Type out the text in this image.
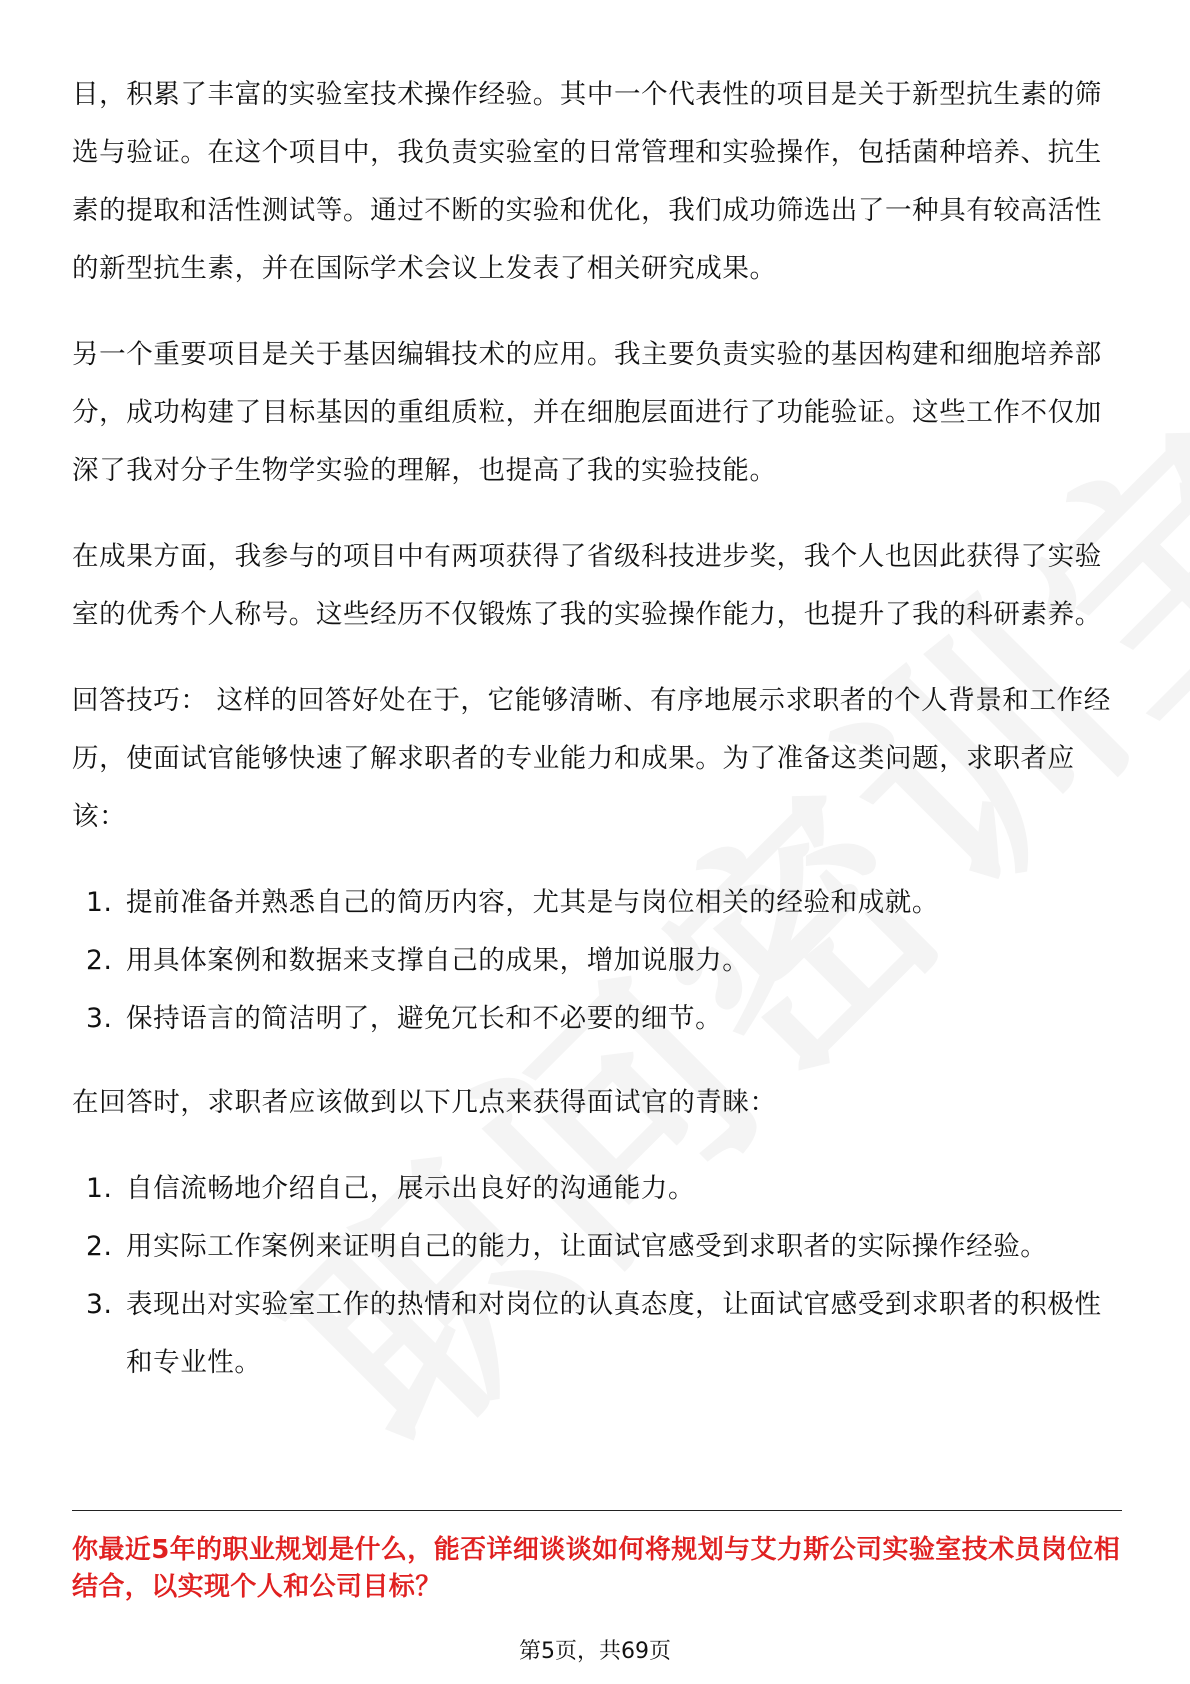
目，积累了丰富的实验室技术操作经验。其中一个代表性的项目是关于新型抗生素的筛选与验证。在这个项目中，我负责实验室的日常管理和实验操作，包括菌种培养、抗生素的提取和活性测试等。通过不断的实验和优化，我们成功筛选出了一种具有较高活性的新型抗生素，并在国际学术会议上发表了相关研究成果。

另一个重要项目是关于基因编辑技术的应用。我主要负责实验的基因构建和细胞培养部分，成功构建了目标基因的重组质粒，并在细胞层面进行了功能验证。这些工作不仅加深了我对分子生物学实验的理解，也提高了我的实验技能。

在成果方面，我参与的项目中有两项获得了省级科技进步奖，我个人也因此获得了实验室的优秀个人称号。这些经历不仅锻炼了我的实验操作能力，也提升了我的科研素养。

回答技巧： 这样的回答好处在于，它能够清晰、有序地展示求职者的个人背景和工作经历，使面试官能够快速了解求职者的专业能力和成果。为了准备这类问题，求职者应该：

1. 提前准备并熟悉自己的简历内容，尤其是与岗位相关的经验和成就。
2. 用具体案例和数据来支撑自己的成果，增加说服力。
3. 保持语言的简洁明了，避免冗长和不必要的细节。

在回答时，求职者应该做到以下几点来获得面试官的青睐：

1. 自信流畅地介绍自己，展示出良好的沟通能力。
2. 用实际工作案例来证明自己的能力，让面试官感受到求职者的实际操作经验。
3. 表现出对实验室工作的热情和对岗位的认真态度，让面试官感受到求职者的积极性和专业性。
你最近5年的职业规划是什么，能否详细谈谈如何将规划与艾力斯公司实验室技术员岗位相结合，以实现个人和公司目标？
第5页，共69页
